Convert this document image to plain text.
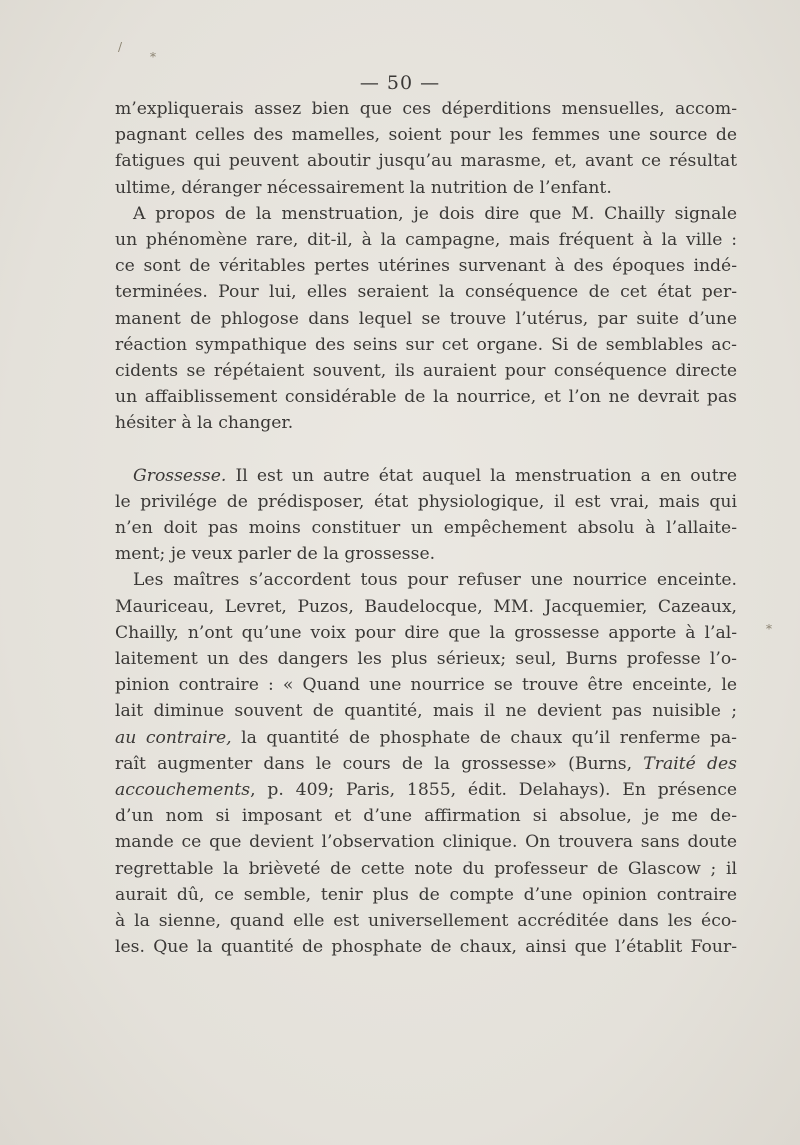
/
*
*
— 50 —

m’expliquerais assez bien que ces déperditions mensuelles, accom-
pagnant celles des mamelles, soient pour les femmes une source de
fatigues qui peuvent aboutir jusqu’au marasme, et, avant ce résultat
ultime, déranger nécessairement la nutrition de l’enfant.

A propos de la menstruation, je dois dire que M. Chailly signale
un phénomène rare, dit-il, à la campagne, mais fréquent à la ville :
ce sont de véritables pertes utérines survenant à des époques indé-
terminées. Pour lui, elles seraient la conséquence de cet état per-
manent de phlogose dans lequel se trouve l’utérus, par suite d’une
réaction sympathique des seins sur cet organe. Si de semblables ac-
cidents se répétaient souvent, ils auraient pour conséquence directe
un affaiblissement considérable de la nourrice, et l’on ne devrait pas
hésiter à la changer.

Grossesse. Il est un autre état auquel la menstruation a en outre
le privilége de prédisposer, état physiologique, il est vrai, mais qui
n’en doit pas moins constituer un empêchement absolu à l’allaite-
ment; je veux parler de la grossesse.

Les maîtres s’accordent tous pour refuser une nourrice enceinte.
Mauriceau, Levret, Puzos, Baudelocque, MM. Jacquemier, Cazeaux,
Chailly, n’ont qu’une voix pour dire que la grossesse apporte à l’al-
laitement un des dangers les plus sérieux; seul, Burns professe l’o-
pinion contraire : « Quand une nourrice se trouve être enceinte, le
lait diminue souvent de quantité, mais il ne devient pas nuisible ;
au contraire, la quantité de phosphate de chaux qu’il renferme pa-
raît augmenter dans le cours de la grossesse» (Burns, Traité des
accouchements, p. 409; Paris, 1855, édit. Delahays). En présence
d’un nom si imposant et d’une affirmation si absolue, je me de-
mande ce que devient l’observation clinique. On trouvera sans doute
regrettable la brièveté de cette note du professeur de Glascow ; il
aurait dû, ce semble, tenir plus de compte d’une opinion contraire
à la sienne, quand elle est universellement accréditée dans les éco-
les. Que la quantité de phosphate de chaux, ainsi que l’établit Four-
